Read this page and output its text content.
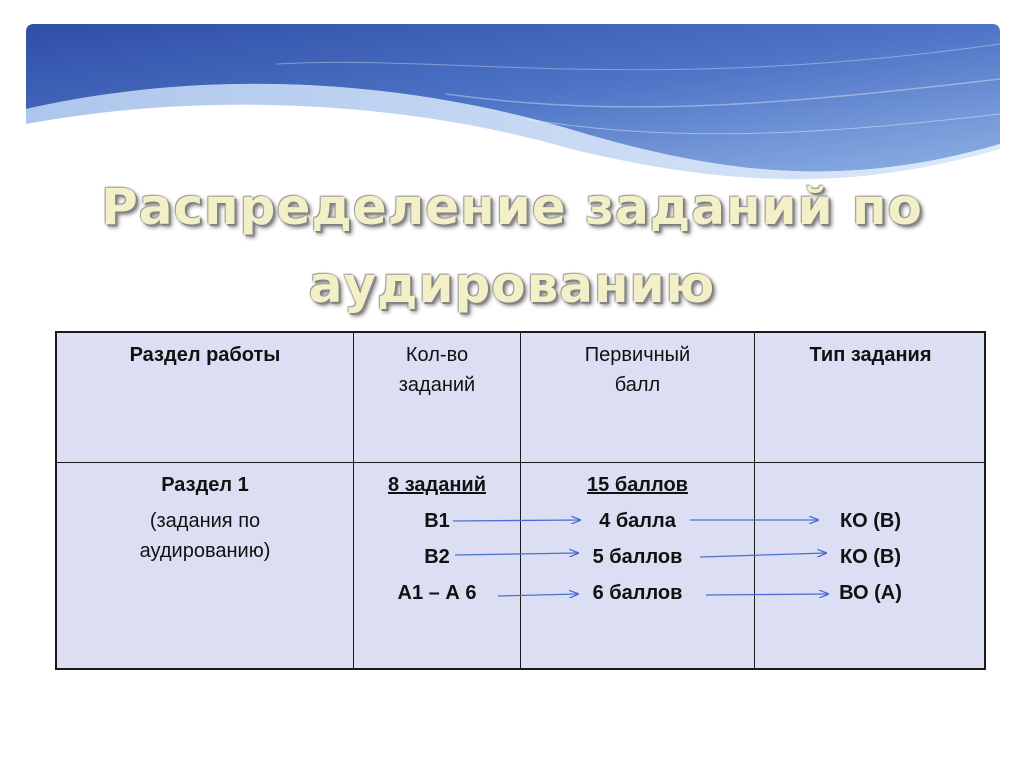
Распределение заданий по
аудированию
Раздел работы	Кол-во
заданий
Первичный
балл
Тип задания
Раздел 1
(задания по
аудированию)
8 заданий	15 баллов
В1
В2
А1 – А 6
4 балла
5 баллов
6 баллов
КО (В)
КО (В)
ВО (А)
